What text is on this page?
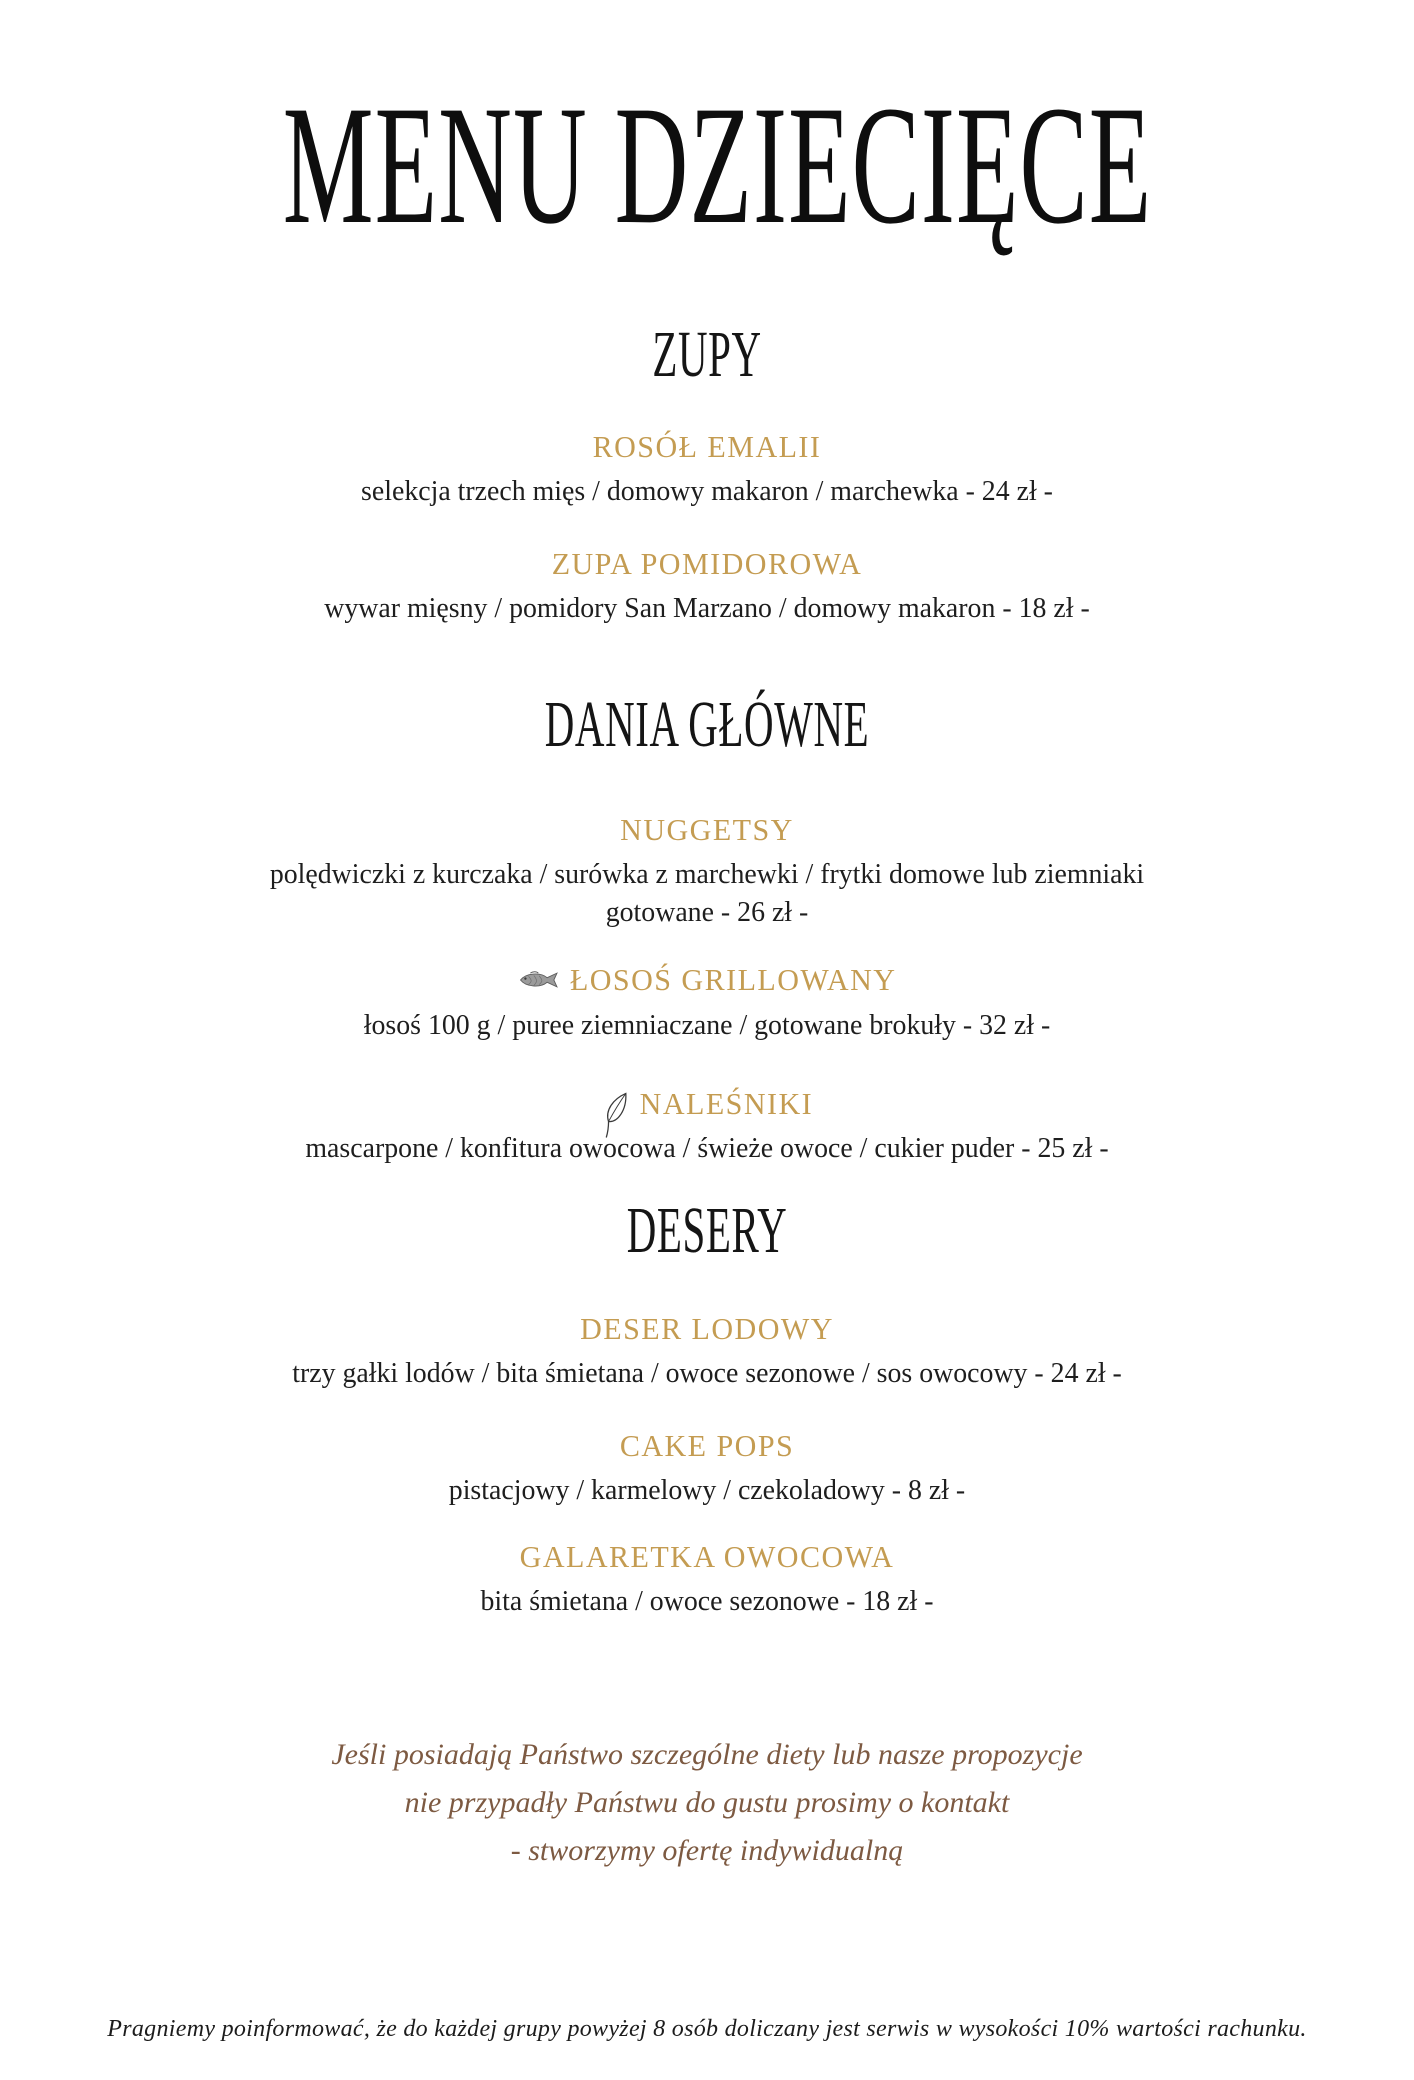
MENU DZIECIĘCE
ZUPY
ROSÓŁ EMALII
selekcja trzech mięs / domowy makaron / marchewka - 24 zł -
ZUPA POMIDOROWA
wywar mięsny / pomidory San Marzano / domowy makaron - 18 zł -
DANIA GŁÓWNE
NUGGETSY
polędwiczki z kurczaka / surówka z marchewki / frytki domowe lub ziemniaki
gotowane - 26 zł -
ŁOSOŚ GRILLOWANY
łosoś 100 g / puree ziemniaczane / gotowane brokuły - 32 zł -
NALEŚNIKI
mascarpone / konfitura owocowa / świeże owoce / cukier puder - 25 zł -
DESERY
DESER LODOWY
trzy gałki lodów / bita śmietana / owoce sezonowe / sos owocowy - 24 zł -
CAKE POPS
pistacjowy / karmelowy / czekoladowy - 8 zł -
GALARETKA OWOCOWA
bita śmietana / owoce sezonowe - 18 zł -
Jeśli posiadają Państwo szczególne diety lub nasze propozycje
nie przypadły Państwu do gustu prosimy o kontakt
- stworzymy ofertę indywidualną
Pragniemy poinformować, że do każdej grupy powyżej 8 osób doliczany jest serwis w wysokości 10% wartości rachunku.
